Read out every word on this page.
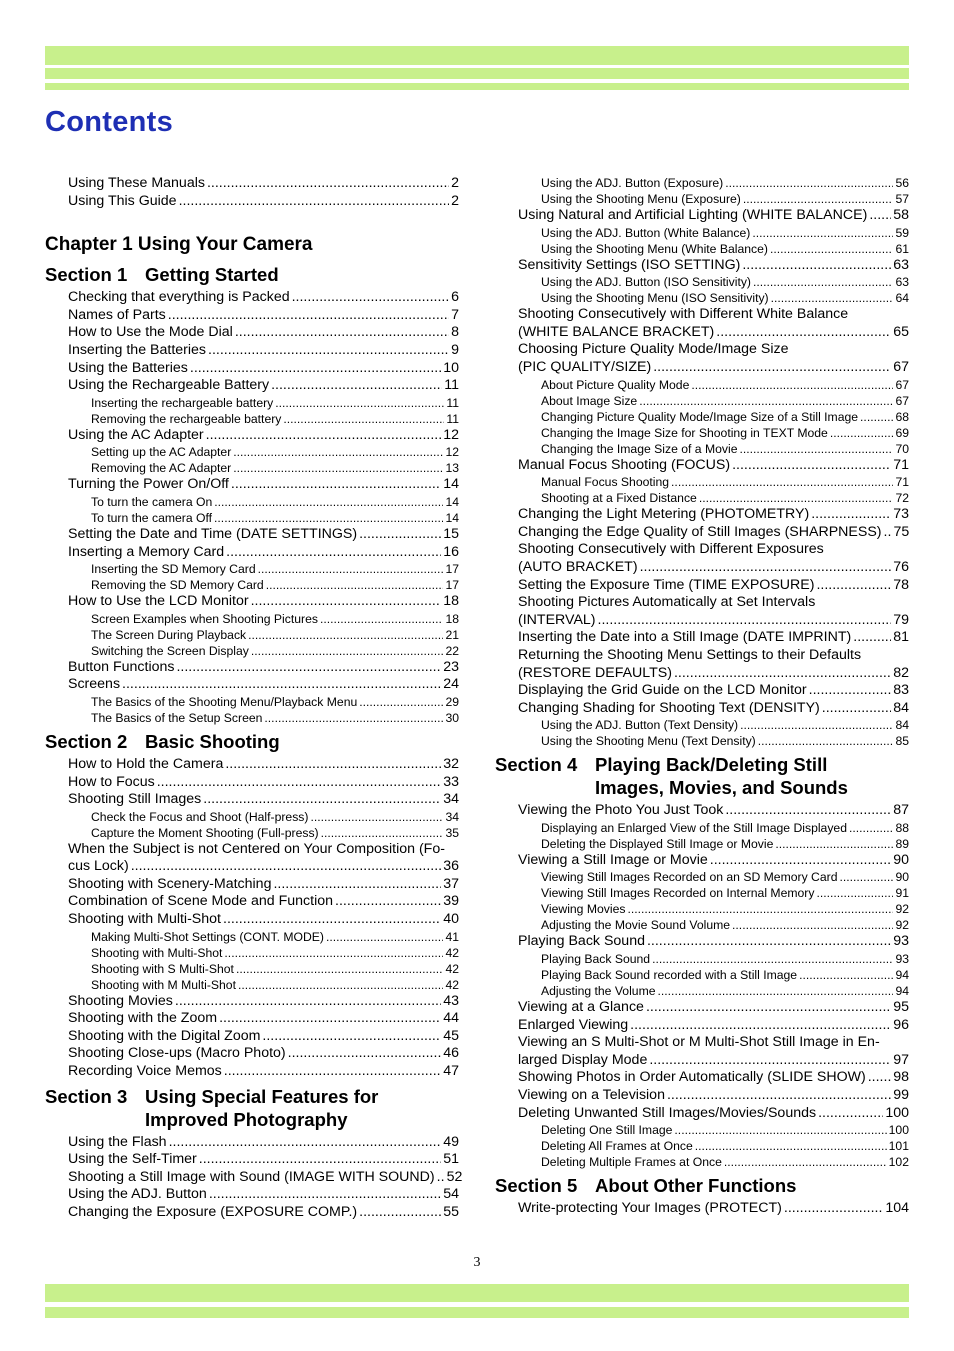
Contents
Using These Manuals .....	2
Using This Guide .....	2
Chapter 1 Using Your Camera
Section 1 Getting Started
Checking that everything is Packed .....	6
Names of Parts .....	7
How to Use the Mode Dial .....	8
Inserting the Batteries .....	9
Using the Batteries .....	10
Using the Rechargeable Battery .....	11
Inserting the rechargeable battery .....	11
Removing the rechargeable battery .....	11
Using the AC Adapter .....	12
Setting up the AC Adapter .....	12
Removing the AC Adapter .....	13
Turning the Power On/Off .....	14
To turn the camera On .....	14
To turn the camera Off .....	14
Setting the Date and Time (DATE SETTINGS) .....	15
Inserting a Memory Card .....	16
Inserting the SD Memory Card .....	17
Removing the SD Memory Card .....	17
How to Use the LCD Monitor .....	18
Screen Examples when Shooting Pictures .....	18
The Screen During Playback .....	21
Switching the Screen Display .....	22
Button Functions .....	23
Screens .....	24
The Basics of the Shooting Menu/Playback Menu .....	29
The Basics of the Setup Screen .....	30
Section 2 Basic Shooting
How to Hold the Camera .....	32
How to Focus .....	33
Shooting Still Images .....	34
Check the Focus and Shoot (Half-press) .....	34
Capture the Moment Shooting (Full-press) .....	35
When the Subject is not Centered on Your Composition (Fo-
cus Lock) .....	36
Shooting with Scenery-Matching .....	37
Combination of Scene Mode and Function .....	39
Shooting with Multi-Shot .....	40
Making Multi-Shot Settings (CONT. MODE) .....	41
Shooting with Multi-Shot .....	42
Shooting with S Multi-Shot .....	42
Shooting with M Multi-Shot .....	42
Shooting Movies .....	43
Shooting with the Zoom .....	44
Shooting with the Digital Zoom .....	45
Shooting Close-ups (Macro Photo) .....	46
Recording Voice Memos .....	47
Section 3 Using Special Features for
Improved Photography
Using the Flash .....	49
Using the Self-Timer .....	51
Shooting a Still Image with Sound (IMAGE WITH SOUND) ..... 52
Using the ADJ. Button .....	54
Changing the Exposure (EXPOSURE COMP.) .....	55
Using the ADJ. Button (Exposure) .....	56
Using the Shooting Menu (Exposure) .....	57
Using Natural and Artificial Lighting (WHITE BALANCE) ..... 58
Using the ADJ. Button (White Balance) .....	59
Using the Shooting Menu (White Balance) .....	61
Sensitivity Settings (ISO SETTING) .....	63
Using the ADJ. Button (ISO Sensitivity) .....	63
Using the Shooting Menu (ISO Sensitivity) .....	64
Shooting Consecutively with Different White Balance
(WHITE BALANCE BRACKET) .....	65
Choosing Picture Quality Mode/Image Size
(PIC QUALITY/SIZE) .....	67
About Picture Quality Mode .....	67
About Image Size .....	67
Changing Picture Quality Mode/Image Size of a Still Image .....	68
Changing the Image Size for Shooting in TEXT Mode .....	69
Changing the Image Size of a Movie .....	70
Manual Focus Shooting (FOCUS) .....	71
Manual Focus Shooting .....	71
Shooting at a Fixed Distance .....	72
Changing the Light Metering (PHOTOMETRY) .....	73
Changing the Edge Quality of Still Images (SHARPNESS) ..... 75
Shooting Consecutively with Different Exposures
(AUTO BRACKET) .....	76
Setting the Exposure Time (TIME EXPOSURE) .....	78
Shooting Pictures Automatically at Set Intervals
(INTERVAL) .....	79
Inserting the Date into a Still Image (DATE IMPRINT) .....	81
Returning the Shooting Menu Settings to their Defaults
(RESTORE DEFAULTS) .....	82
Displaying the Grid Guide on the LCD Monitor .....	83
Changing Shading for Shooting Text (DENSITY) .....	84
Using the ADJ. Button (Text Density) .....	84
Using the Shooting Menu (Text Density) .....	85
Section 4 Playing Back/Deleting Still
Images, Movies, and Sounds
Viewing the Photo You Just Took .....	87
Displaying an Enlarged View of the Still Image Displayed .....	88
Deleting the Displayed Still Image or Movie .....	89
Viewing a Still Image or Movie .....	90
Viewing Still Images Recorded on an SD Memory Card .....	90
Viewing Still Images Recorded on Internal Memory .....	91
Viewing Movies .....	92
Adjusting the Movie Sound Volume .....	92
Playing Back Sound .....	93
Playing Back Sound .....	93
Playing Back Sound recorded with a Still Image .....	94
Adjusting the Volume .....	94
Viewing at a Glance .....	95
Enlarged Viewing .....	96
Viewing an S Multi-Shot or M Multi-Shot Still Image in En-
larged Display Mode .....	97
Showing Photos in Order Automatically (SLIDE SHOW) ..... 98
Viewing on a Television .....	99
Deleting Unwanted Still Images/Movies/Sounds .....	100
Deleting One Still Image .....	100
Deleting All Frames at Once .....	101
Deleting Multiple Frames at Once .....	102
Section 5 About Other Functions
Write-protecting Your Images (PROTECT) .....	104
3
